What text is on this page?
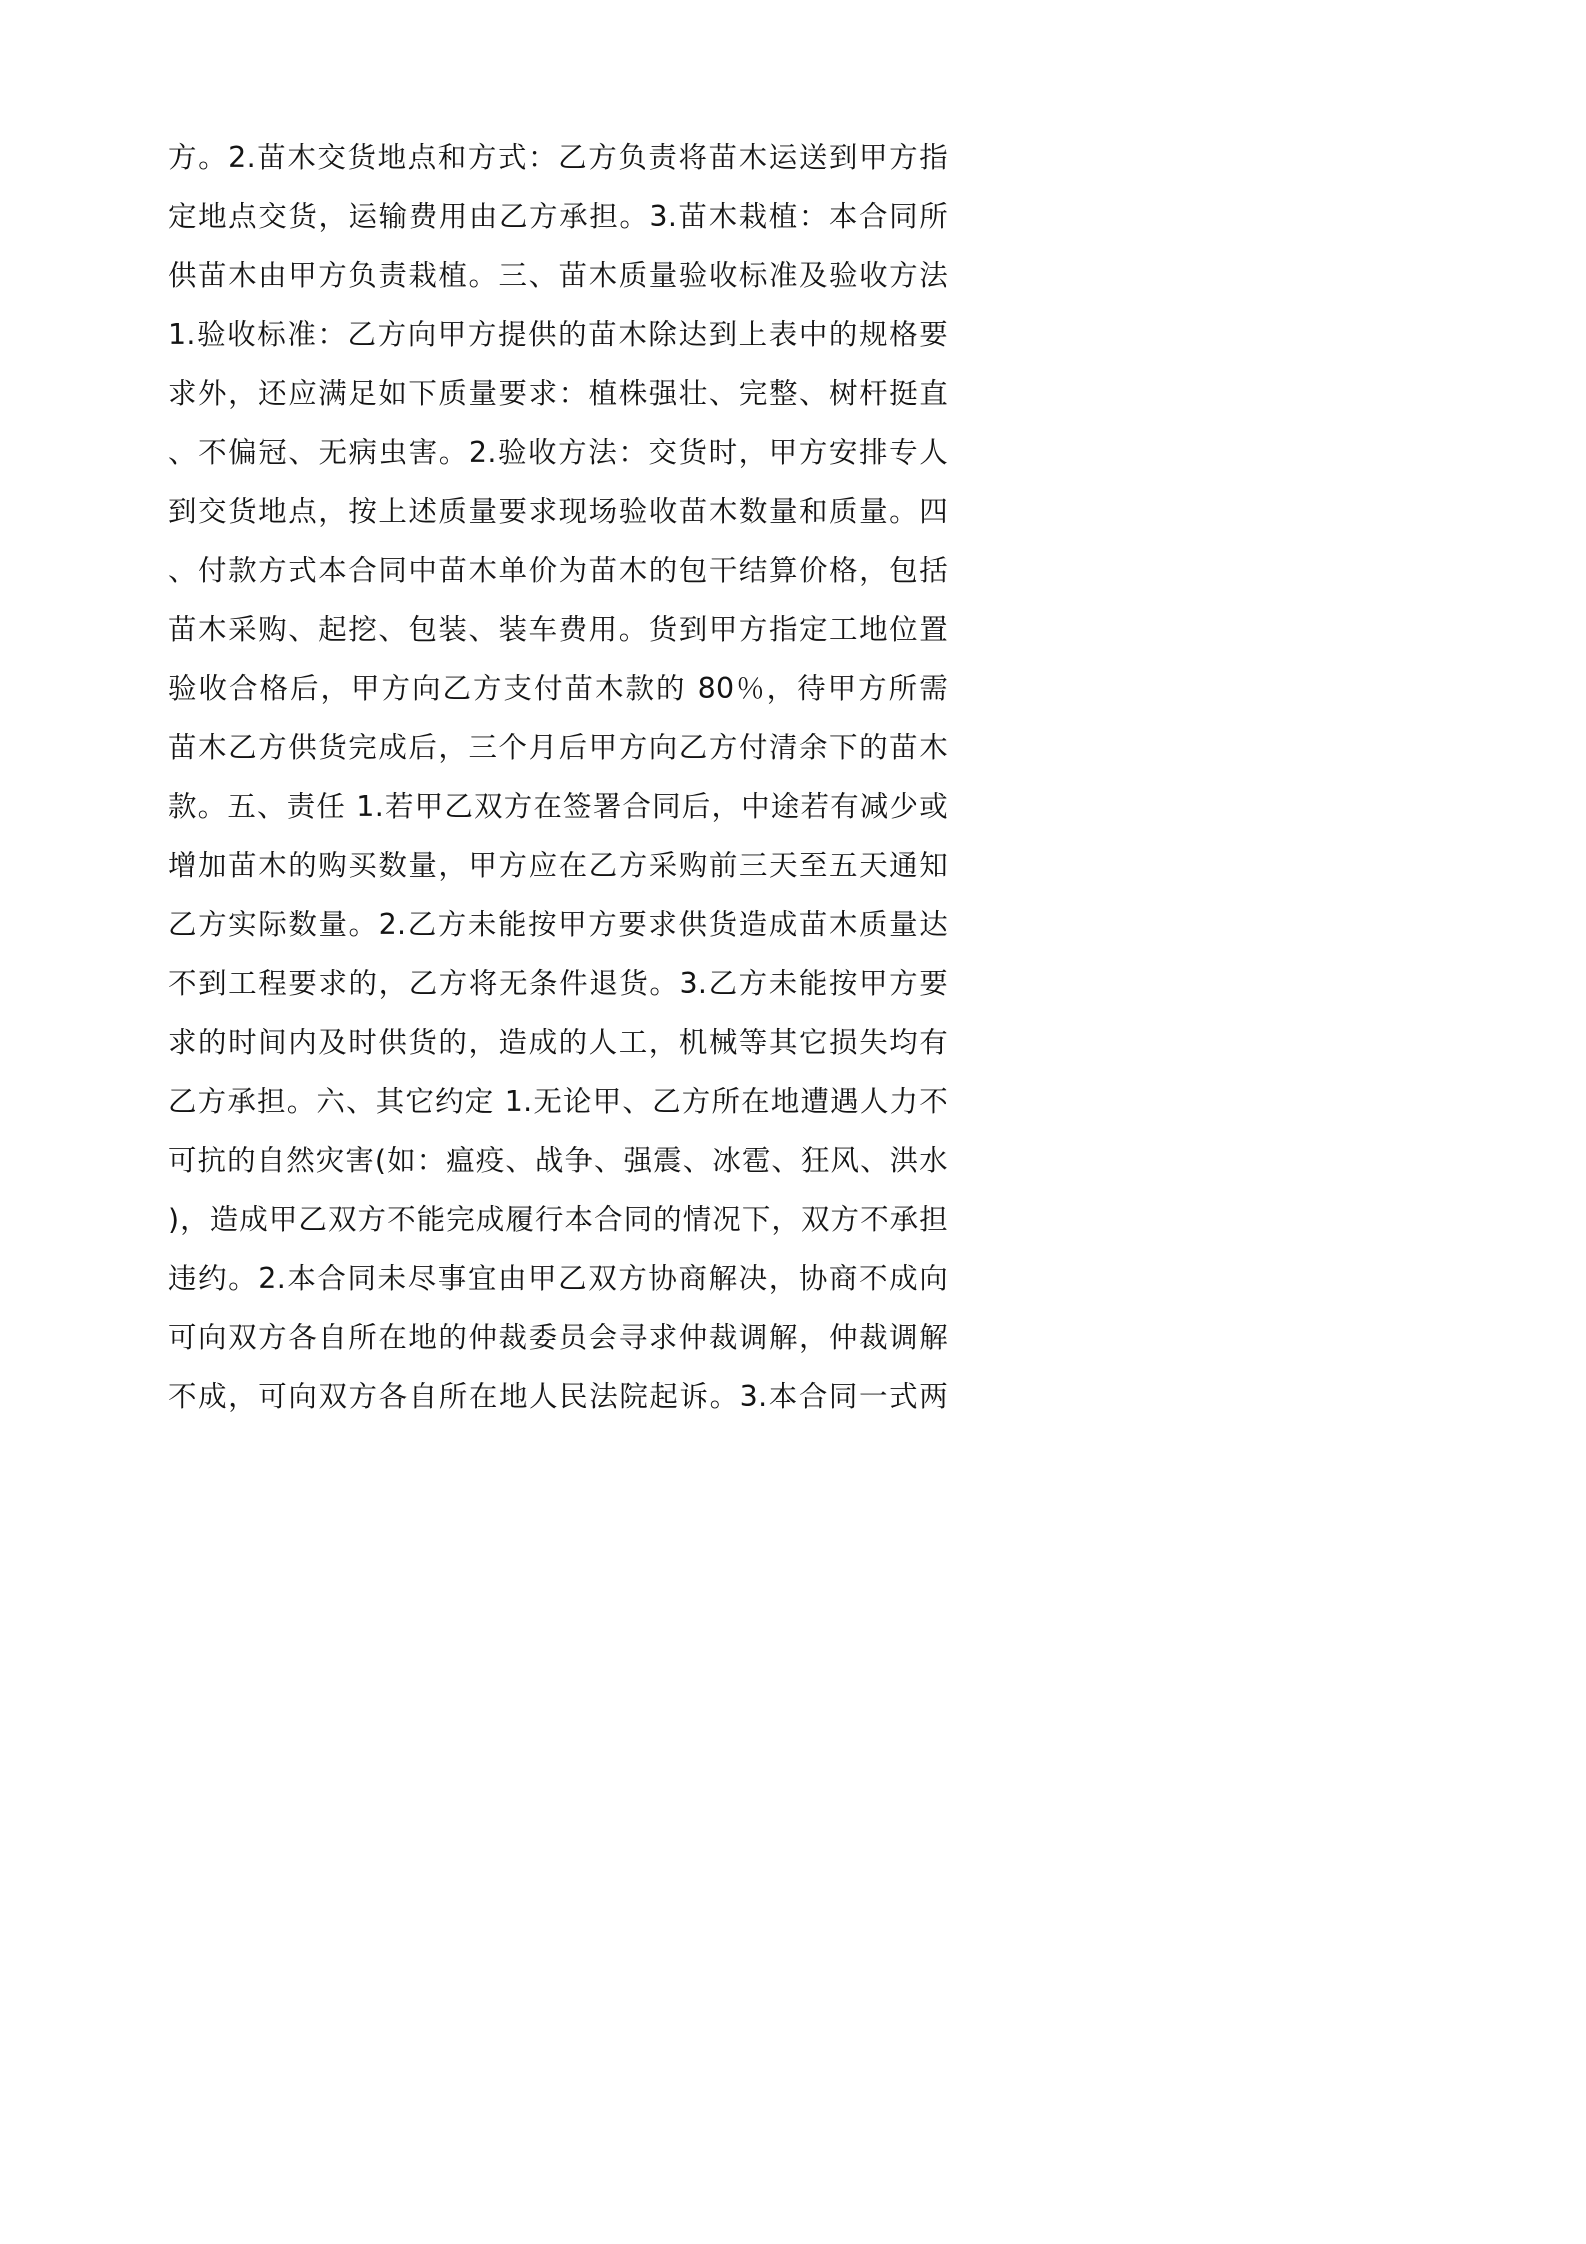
方。2.苗木交货地点和方式：乙方负责将苗木运送到甲方指
定地点交货，运输费用由乙方承担。3.苗木栽植：本合同所
供苗木由甲方负责栽植。三、苗木质量验收标准及验收方法
1.验收标准：乙方向甲方提供的苗木除达到上表中的规格要
求外，还应满足如下质量要求：植株强壮、完整、树杆挺直
、不偏冠、无病虫害。2.验收方法：交货时，甲方安排专人
到交货地点，按上述质量要求现场验收苗木数量和质量。四
、付款方式本合同中苗木单价为苗木的包干结算价格，包括
苗木采购、起挖、包装、装车费用。货到甲方指定工地位置
验收合格后，甲方向乙方支付苗木款的 80％，待甲方所需
苗木乙方供货完成后，三个月后甲方向乙方付清余下的苗木
款。五、责任 1.若甲乙双方在签署合同后，中途若有减少或
增加苗木的购买数量，甲方应在乙方采购前三天至五天通知
乙方实际数量。2.乙方未能按甲方要求供货造成苗木质量达
不到工程要求的，乙方将无条件退货。3.乙方未能按甲方要
求的时间内及时供货的，造成的人工，机械等其它损失均有
乙方承担。六、其它约定 1.无论甲、乙方所在地遭遇人力不
可抗的自然灾害(如：瘟疫、战争、强震、冰雹、狂风、洪水
)，造成甲乙双方不能完成履行本合同的情况下，双方不承担
违约。2.本合同未尽事宜由甲乙双方协商解决，协商不成向
可向双方各自所在地的仲裁委员会寻求仲裁调解，仲裁调解
不成，可向双方各自所在地人民法院起诉。3.本合同一式两
